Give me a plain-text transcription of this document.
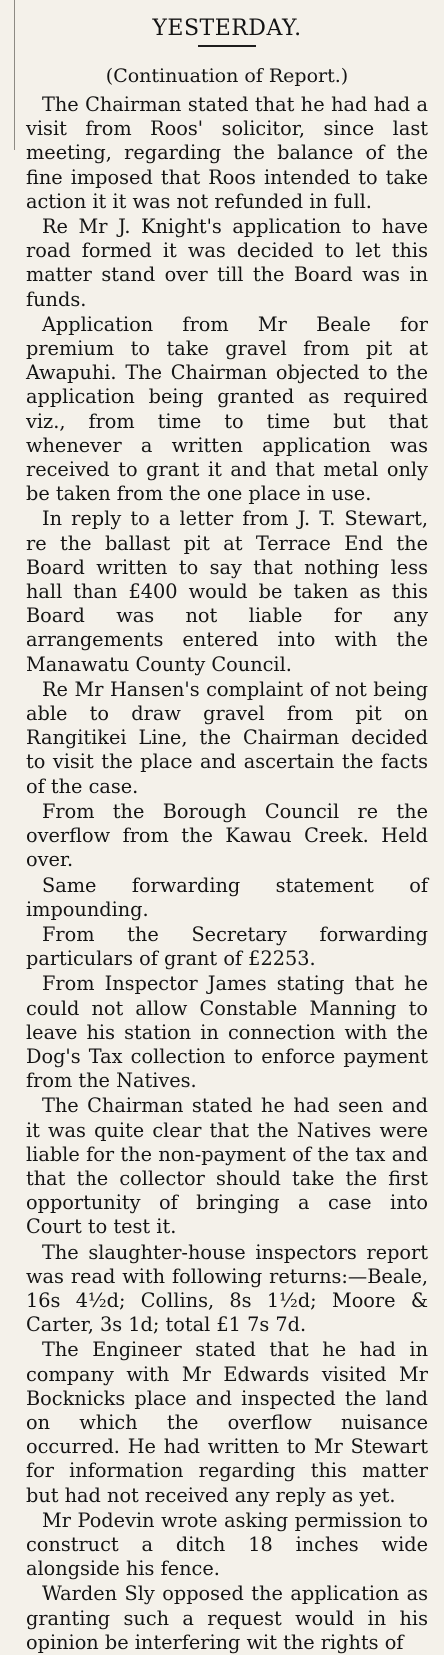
YESTERDAY.
(Continuation of Report.)

The Chairman stated that he had had a visit from Roos' solicitor, since last meeting, regarding the balance of the fine imposed that Roos intended to take action it it was not refunded in full.

Re Mr J. Knight's application to have road formed it was decided to let this matter stand over till the Board was in funds.

Application from Mr Beale for premium to take gravel from pit at Awapuhi. The Chairman objected to the application being granted as required viz., from time to time but that whenever a written application was received to grant it and that metal only be taken from the one place in use.

In reply to a letter from J. T. Stewart, re the ballast pit at Terrace End the Board written to say that nothing less hall than £400 would be taken as this Board was not liable for any arrangements entered into with the Manawatu County Council.

Re Mr Hansen's complaint of not being able to draw gravel from pit on Rangitikei Line, the Chairman decided to visit the place and ascertain the facts of the case.

From the Borough Council re the overflow from the Kawau Creek. Held over.

Same forwarding statement of impounding.

From the Secretary forwarding particulars of grant of £2253.

From Inspector James stating that he could not allow Constable Manning to leave his station in connection with the Dog's Tax collection to enforce payment from the Natives.

The Chairman stated he had seen and it was quite clear that the Natives were liable for the non-payment of the tax and that the collector should take the first opportunity of bringing a case into Court to test it.

The slaughter-house inspectors report was read with following returns:—Beale, 16s 4½d; Collins, 8s 1½d; Moore & Carter, 3s 1d; total £1 7s 7d.

The Engineer stated that he had in company with Mr Edwards visited Mr Bocknicks place and inspected the land on which the overflow nuisance occurred. He had written to Mr Stewart for information regarding this matter but had not received any reply as yet.

Mr Podevin wrote asking permission to construct a ditch 18 inches wide alongside his fence.

Warden Sly opposed the application as granting such a request would in his opinion be interfering wit the rights of
